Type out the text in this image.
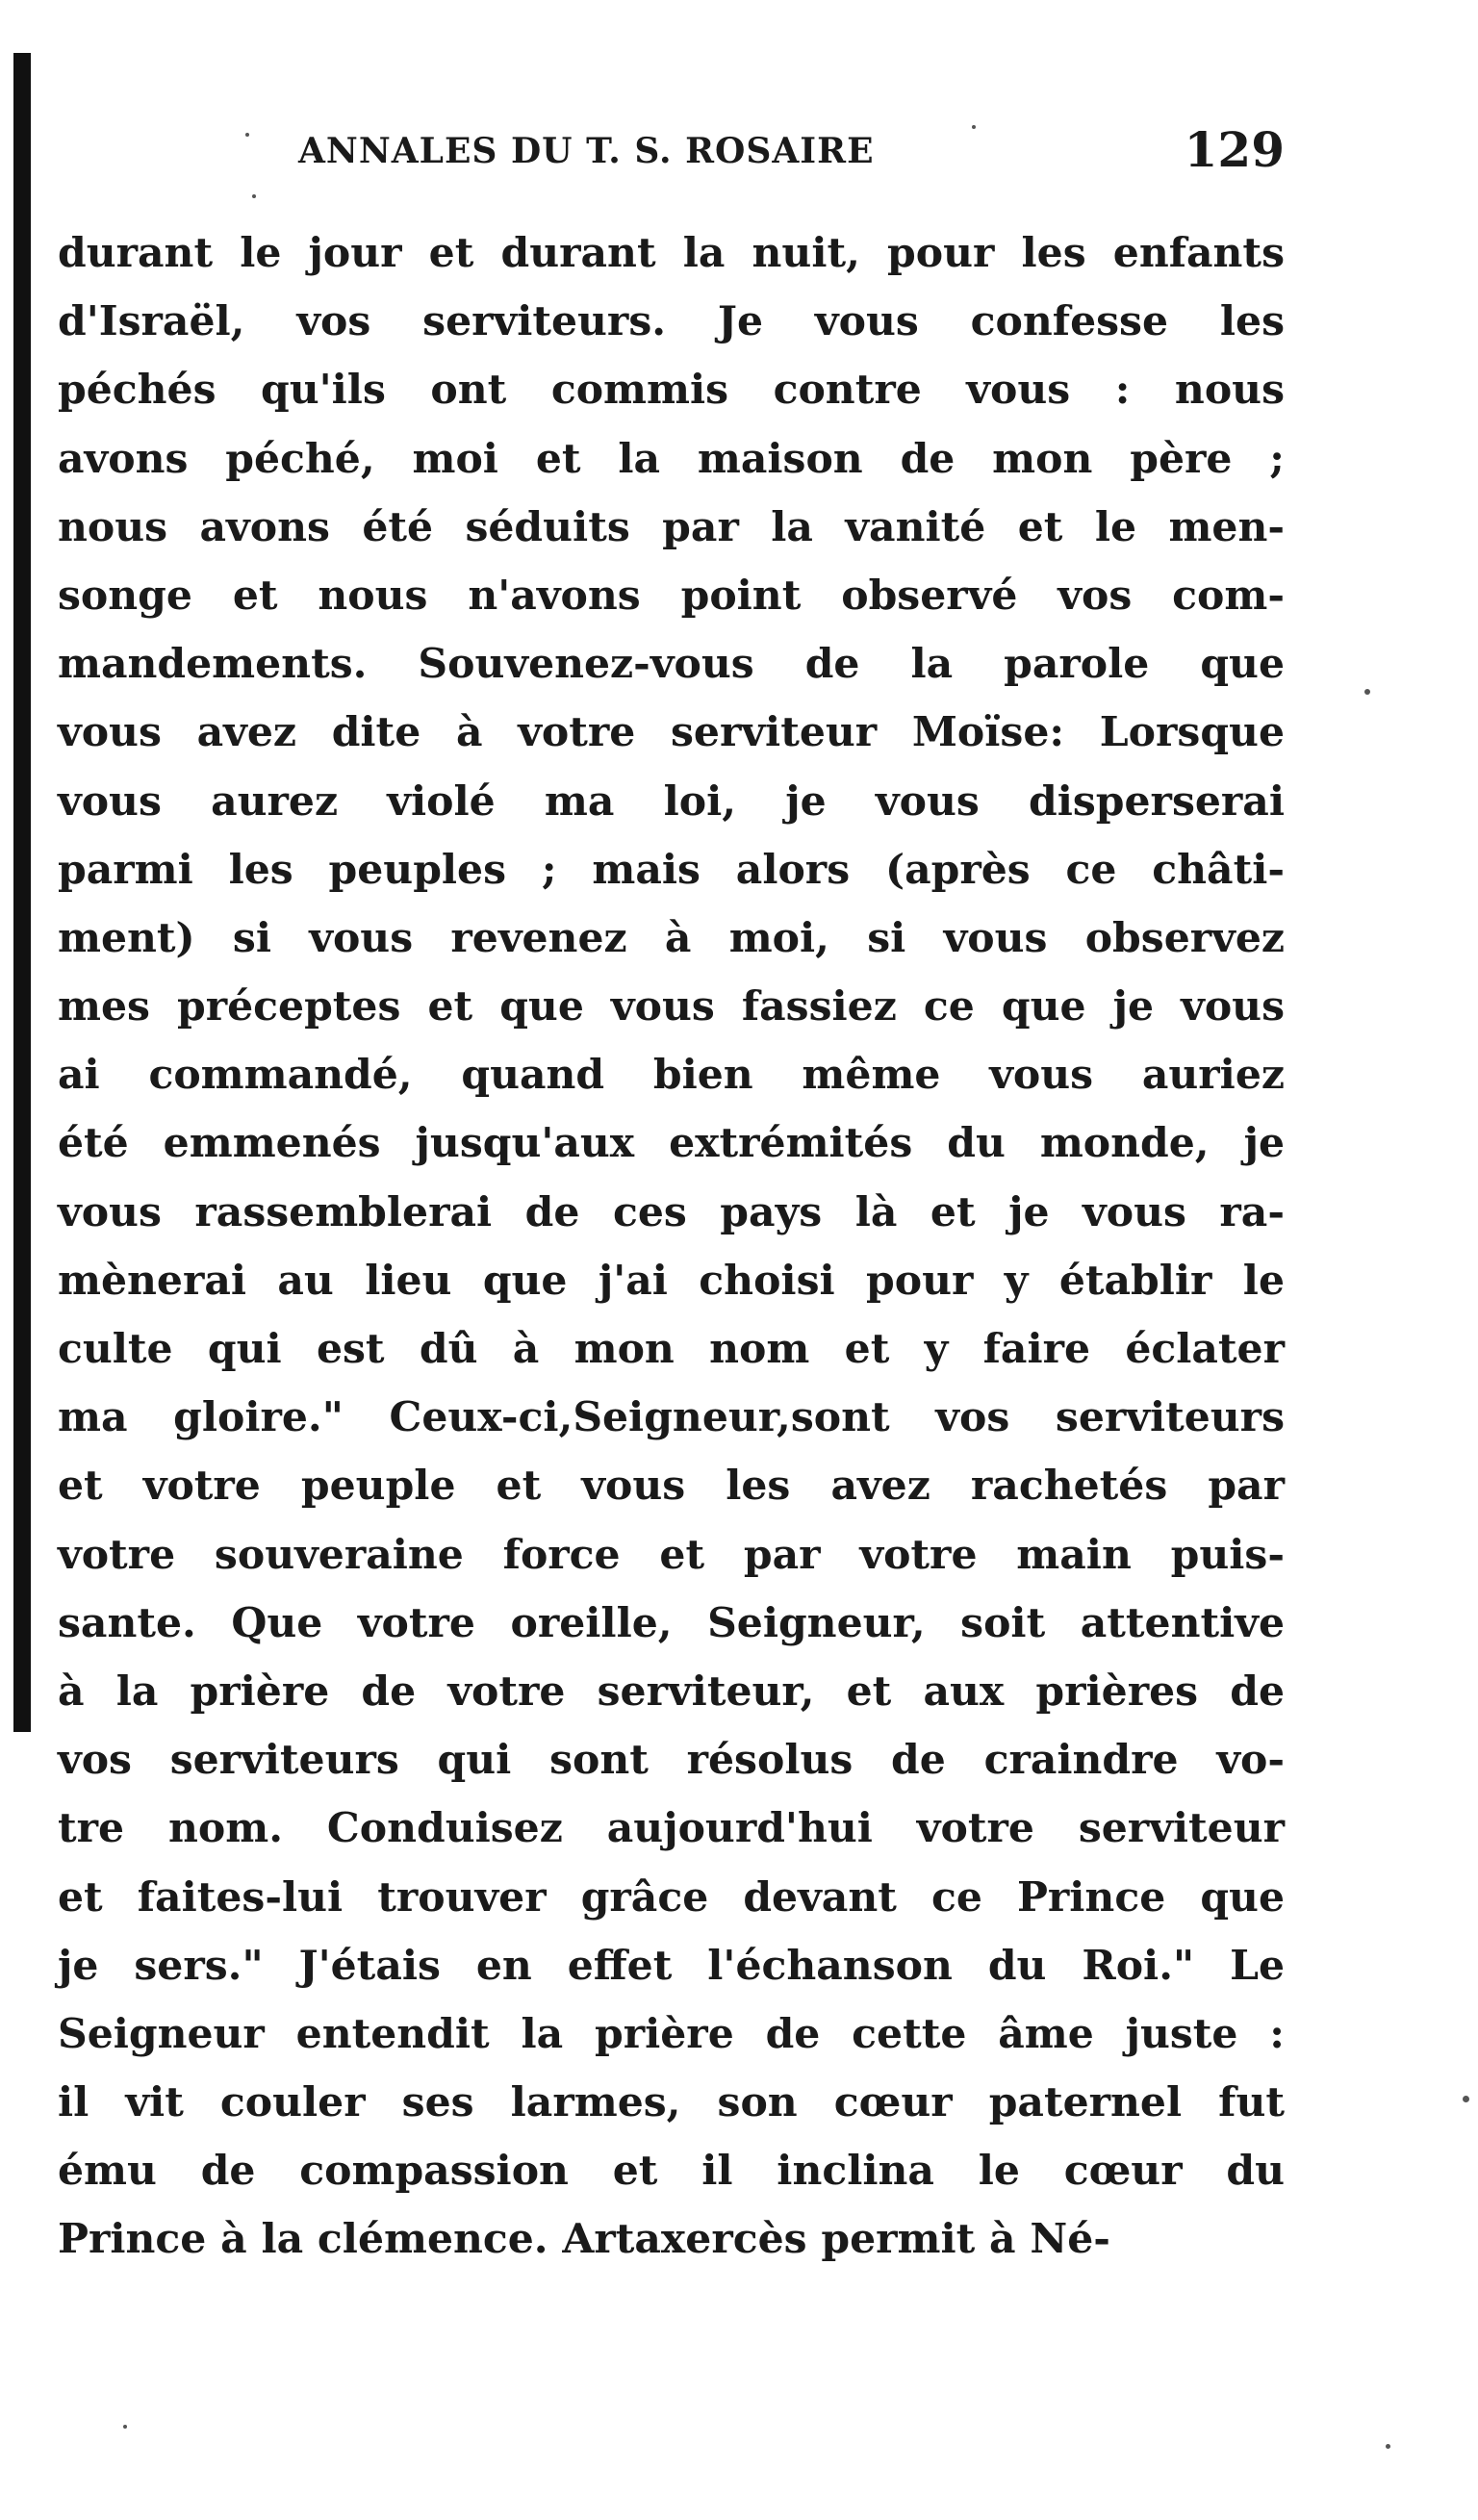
ANNALES DU T. S. ROSAIRE	129
durant le jour et durant la nuit, pour les enfants
d'Israël, vos serviteurs. Je vous confesse les
péchés qu'ils ont commis contre vous : nous
avons péché, moi et la maison de mon père ;
nous avons été séduits par la vanité et le men-
songe et nous n'avons point observé vos com-
mandements. Souvenez-vous de la parole que
vous avez dite à votre serviteur Moïse: Lorsque
vous aurez violé ma loi, je vous disperserai
parmi les peuples ; mais alors (après ce châti-
ment) si vous revenez à moi, si vous observez
mes préceptes et que vous fassiez ce que je vous
ai commandé, quand bien même vous auriez
été emmenés jusqu'aux extrémités du monde, je
vous rassemblerai de ces pays là et je vous ra-
mènerai au lieu que j'ai choisi pour y établir le
culte qui est dû à mon nom et y faire éclater
ma gloire." Ceux-ci,Seigneur,sont vos serviteurs
et votre peuple et vous les avez rachetés par
votre souveraine force et par votre main puis-
sante. Que votre oreille, Seigneur, soit attentive
à la prière de votre serviteur, et aux prières de
vos serviteurs qui sont résolus de craindre vo-
tre nom. Conduisez aujourd'hui votre serviteur
et faites-lui trouver grâce devant ce Prince que
je sers." J'étais en effet l'échanson du Roi." Le
Seigneur entendit la prière de cette âme juste :
il vit couler ses larmes, son cœur paternel fut
ému de compassion et il inclina le cœur du
Prince à la clémence. Artaxercès permit à Né-
